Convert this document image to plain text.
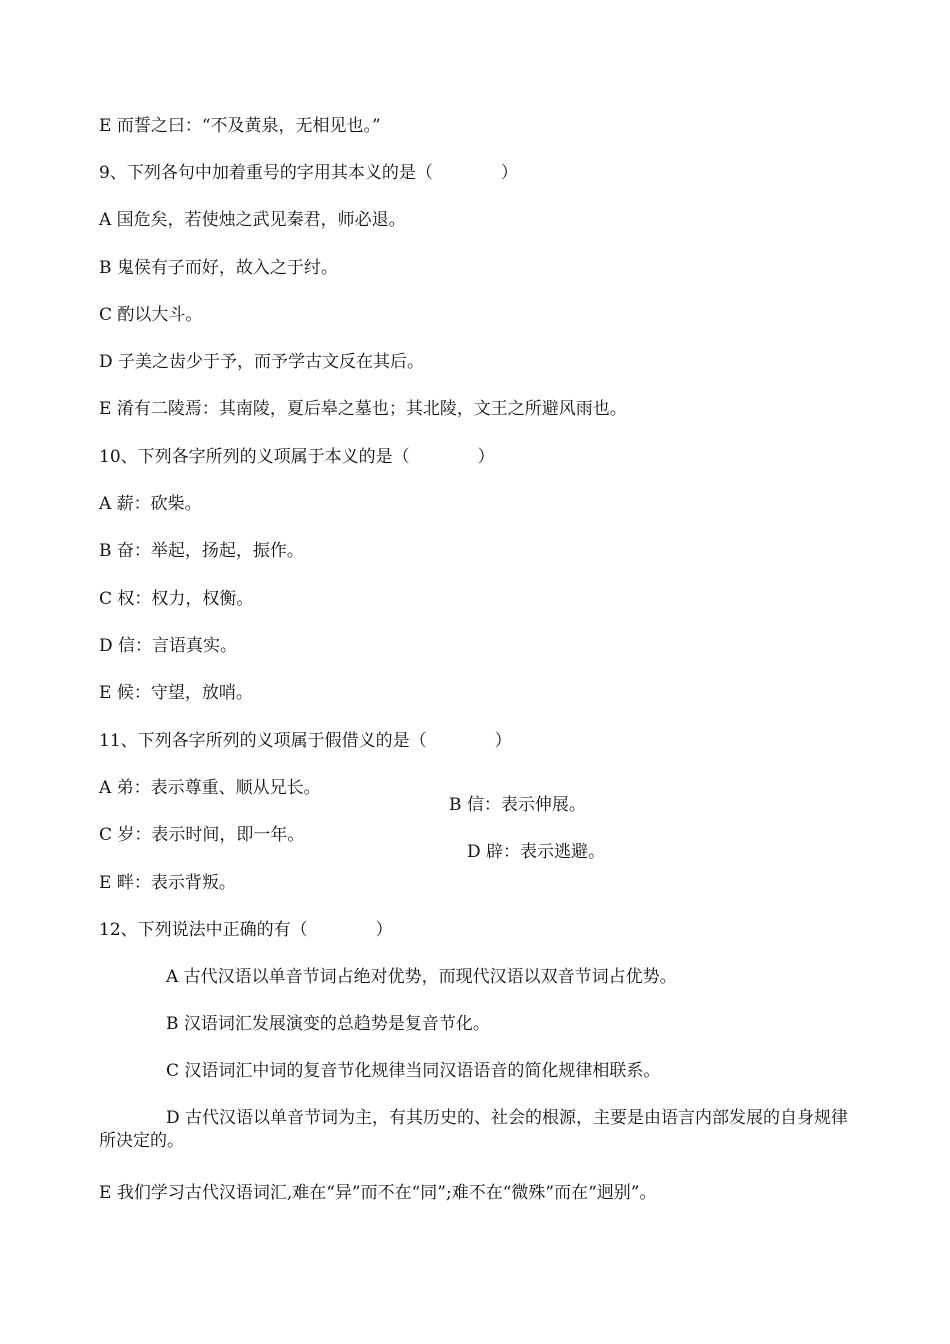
E 而誓之曰：“不及黄泉，无相见也。”

9、下列各句中加着重号的字用其本义的是（　　　　）

A 国危矣，若使烛之武见秦君，师必退。

B 鬼侯有子而好，故入之于纣。

C 酌以大斗。

D 子美之齿少于予，而予学古文反在其后。

E 淆有二陵焉：其南陵，夏后皋之墓也；其北陵，文王之所避风雨也。

10、下列各字所列的义项属于本义的是（　　　　）

A 薪：砍柴。

B 奋：举起，扬起，振作。

C 权：权力，权衡。

D 信：言语真实。

E 候：守望，放哨。

11、下列各字所列的义项属于假借义的是（　　　　）

A 弟：表示尊重、顺从兄长。

B 信：表示伸展。

C 岁：表示时间，即一年。

D 辟：表示逃避。

E 畔：表示背叛。

12、下列说法中正确的有（　　　　）

A 古代汉语以单音节词占绝对优势，而现代汉语以双音节词占优势。

B 汉语词汇发展演变的总趋势是复音节化。

C 汉语词汇中词的复音节化规律当同汉语语音的简化规律相联系。

D 古代汉语以单音节词为主，有其历史的、社会的根源，主要是由语言内部发展的自身规律所决定的。

E 我们学习古代汉语词汇,难在“异”而不在“同”;难不在“微殊”而在“迥别”。
